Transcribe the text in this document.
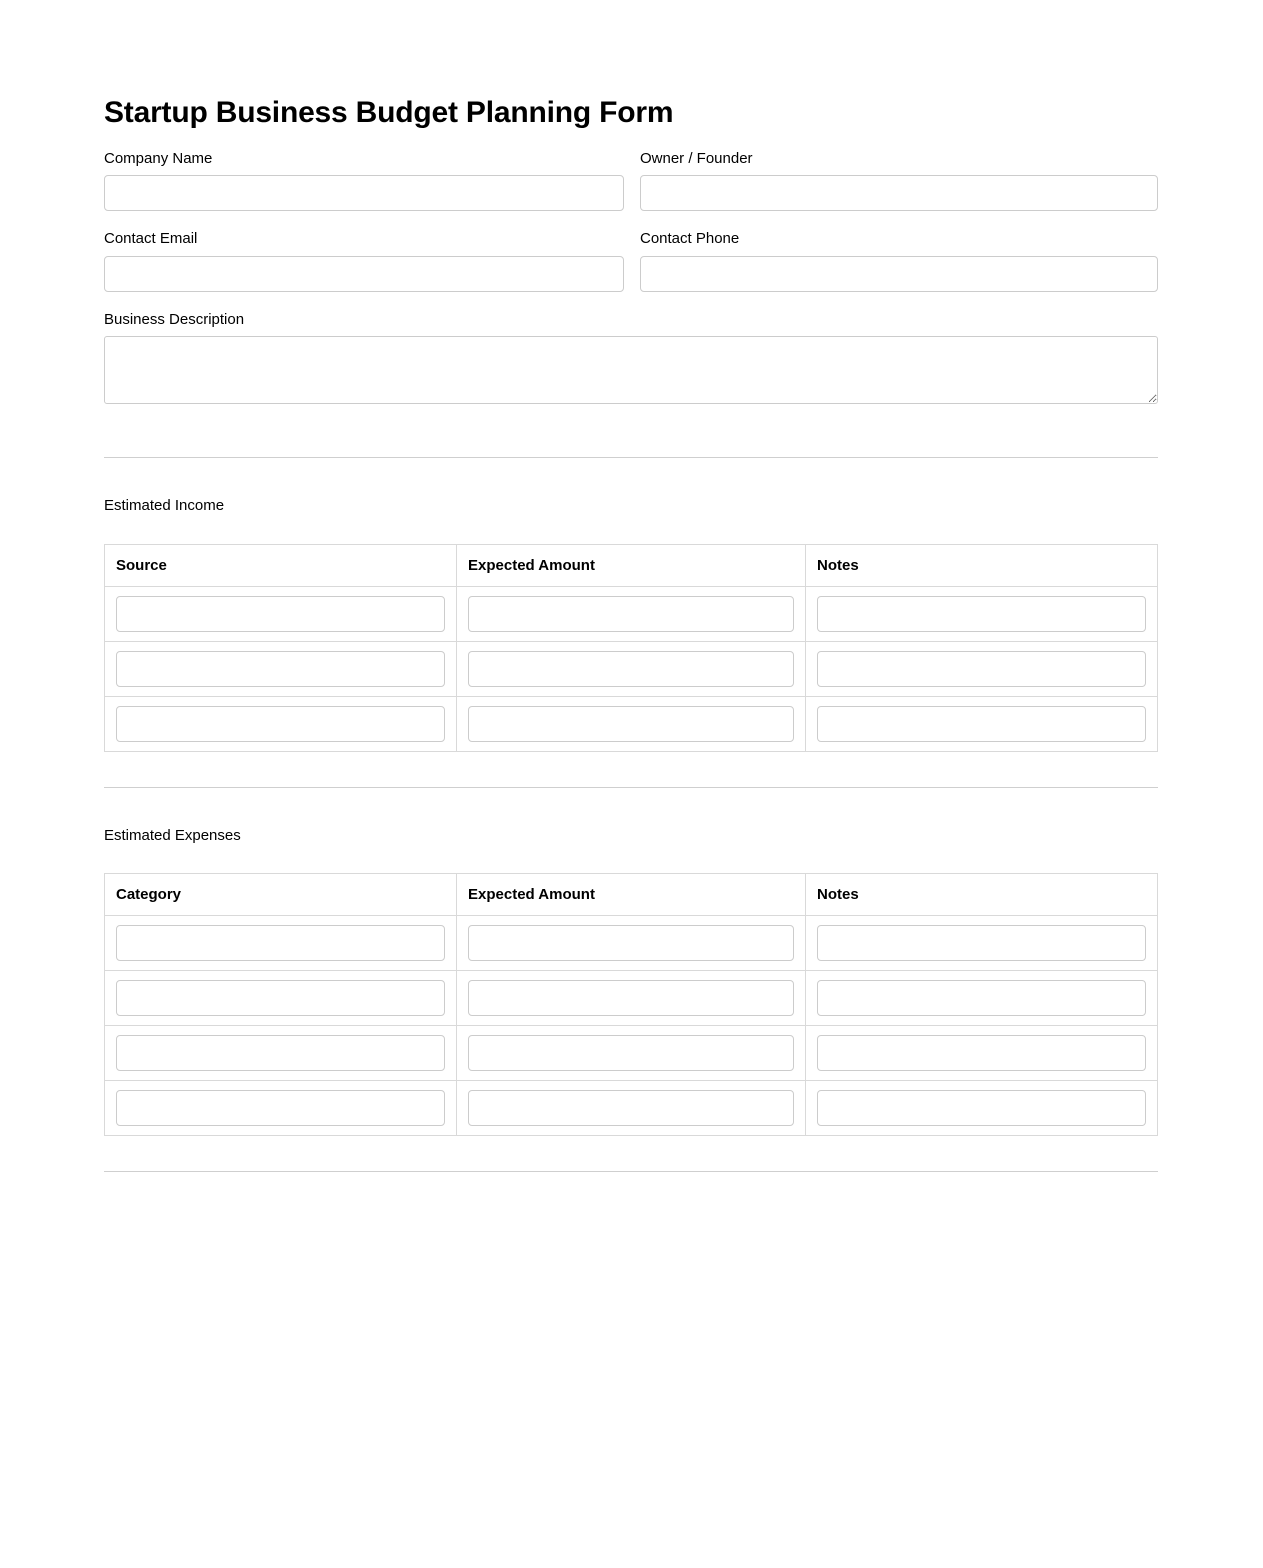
Startup Business Budget Planning Form
Company Name	Owner / Founder
Contact Email	Contact Phone
Business Description
Estimated Income
Source	Expected Amount	Notes

Estimated Expenses
Category	Expected Amount	Notes
